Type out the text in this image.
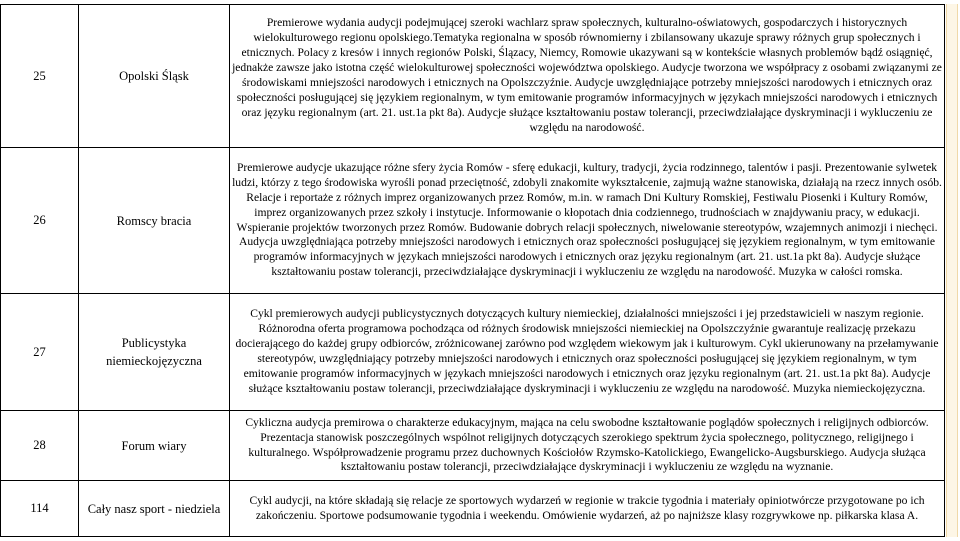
25	Opolski Śląsk	Premierowe wydania audycji podejmującej szeroki wachlarz spraw społecznych, kulturalno-oświatowych, gospodarczych i historycznych wielokulturowego regionu opolskiego.Tematyka regionalna w sposób równomierny i zbilansowany ukazuje sprawy różnych grup społecznych i etnicznych. Polacy z kresów i innych regionów Polski, Ślązacy, Niemcy, Romowie ukazywani są w kontekście własnych problemów bądź osiągnięć, jednakże zawsze jako istotna część wielokulturowej społeczności województwa opolskiego. Audycje tworzona we współpracy z osobami związanymi ze środowiskami mniejszości narodowych i etnicznych na Opolszczyźnie. Audycje uwzględniające potrzeby mniejszości narodowych i etnicznych oraz społeczności posługującej się językiem regionalnym, w tym emitowanie programów informacyjnych w językach mniejszości narodowych i etnicznych oraz języku regionalnym (art. 21. ust.1a pkt 8a). Audycje służące kształtowaniu postaw tolerancji, przeciwdziałające dyskryminacji i wykluczeniu ze względu na narodowość.
26	Romscy bracia	Premierowe audycje ukazujące różne sfery życia Romów - sferę edukacji, kultury, tradycji, życia rodzinnego, talentów i pasji. Prezentowanie sylwetek ludzi, którzy z tego środowiska wyrośli ponad przeciętność, zdobyli znakomite wykształcenie, zajmują ważne stanowiska, działają na rzecz innych osób. Relacje i reportaże z różnych imprez organizowanych przez Romów, m.in. w ramach Dni Kultury Romskiej, Festiwalu Piosenki i Kultury Romów, imprez organizowanych przez szkoły i instytucje. Informowanie o kłopotach dnia codziennego, trudnościach w znajdywaniu pracy, w edukacji. Wspieranie projektów tworzonych przez Romów. Budowanie dobrych relacji społecznych, niwelowanie stereotypów, wzajemnych animozji i niechęci. Audycja uwzględniająca potrzeby mniejszości narodowych i etnicznych oraz społeczności posługującej się językiem regionalnym, w tym emitowanie programów informacyjnych w językach mniejszości narodowych i etnicznych oraz języku regionalnym (art. 21. ust.1a pkt 8a). Audycje służące kształtowaniu postaw tolerancji, przeciwdziałające dyskryminacji i wykluczeniu ze względu na narodowość. Muzyka w całości romska.
27	Publicystyka niemieckojęzyczna	Cykl premierowych audycji publicystycznych dotyczących kultury niemieckiej, działalności mniejszości i jej przedstawicieli w naszym regionie. Różnorodna oferta programowa pochodząca od różnych środowisk mniejszości niemieckiej na Opolszczyźnie gwarantuje realizację przekazu docierającego do każdej grupy odbiorców, zróżnicowanej zarówno pod względem wiekowym jak i kulturowym. Cykl ukierunowany na przełamywanie stereotypów, uwzględniający potrzeby mniejszości narodowych i etnicznych oraz społeczności posługującej się językiem regionalnym, w tym emitowanie programów informacyjnych w językach mniejszości narodowych i etnicznych oraz języku regionalnym (art. 21. ust.1a pkt 8a). Audycje służące kształtowaniu postaw tolerancji, przeciwdziałające dyskryminacji i wykluczeniu ze względu na narodowość. Muzyka niemieckojęzyczna.
28	Forum wiary	Cykliczna audycja premirowa o charakterze edukacyjnym, mająca na celu swobodne kształtowanie poglądów społecznych i religijnych odbiorców. Prezentacja stanowisk poszczególnych wspólnot religijnych dotyczących szerokiego spektrum życia społecznego, politycznego, religijnego i kulturalnego. Współprowadzenie programu przez duchownych Kościołów Rzymsko-Katolickiego, Ewangelicko-Augsburskiego. Audycja służąca kształtowaniu postaw tolerancji, przeciwdziałające dyskryminacji i wykluczeniu ze względu na wyznanie.
114	Cały nasz sport - niedziela	Cykl audycji, na które składają się relacje ze sportowych wydarzeń w regionie w trakcie tygodnia i materiały opiniotwórcze przygotowane po ich zakończeniu. Sportowe podsumowanie tygodnia i weekendu. Omówienie wydarzeń, aż po najniższe klasy rozgrywkowe np. piłkarska klasa A.
